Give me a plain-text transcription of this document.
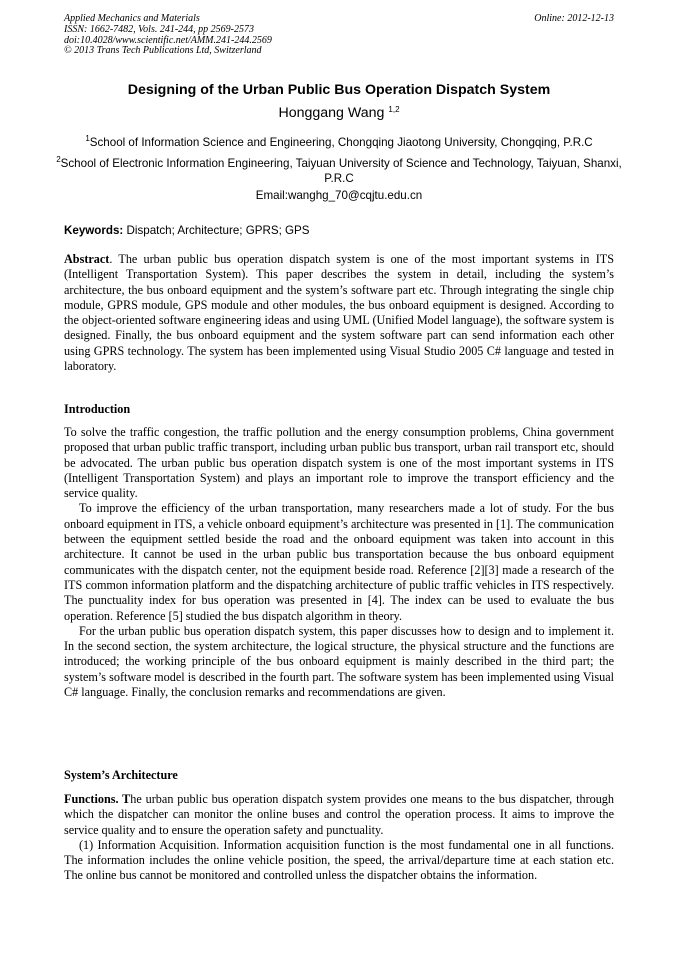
Applied Mechanics and Materials
ISSN: 1662-7482, Vols. 241-244, pp 2569-2573
doi:10.4028/www.scientific.net/AMM.241-244.2569
© 2013 Trans Tech Publications Ltd, Switzerland
Online: 2012-12-13
Designing of the Urban Public Bus Operation Dispatch System
Honggang Wang $^{1,2}$
$^1$School of Information Science and Engineering, Chongqing Jiaotong University, Chongqing, P.R.C
$^2$School of Electronic Information Engineering, Taiyuan University of Science and Technology, Taiyuan, Shanxi, P.R.C
Email:wanghg_70@cqjtu.edu.cn
Keywords: Dispatch; Architecture; GPRS; GPS

Abstract. The urban public bus operation dispatch system is one of the most important systems in ITS (Intelligent Transportation System). This paper describes the system in detail, including the system’s architecture, the bus onboard equipment and the system’s software part etc. Through integrating the single chip module, GPRS module, GPS module and other modules, the bus onboard equipment is designed. According to the object-oriented software engineering ideas and using UML (Unified Model language), the software system is designed. Finally, the bus onboard equipment and the system software part can send information each other using GPRS technology. The system has been implemented using Visual Studio 2005 C# language and tested in laboratory.

Introduction

To solve the traffic congestion, the traffic pollution and the energy consumption problems, China government proposed that urban public traffic transport, including urban public bus transport, urban rail transport etc, should be advocated. The urban public bus operation dispatch system is one of the most important systems in ITS (Intelligent Transportation System) and plays an important role to improve the transport efficiency and the service quality.

To improve the efficiency of the urban transportation, many researchers made a lot of study. For the bus onboard equipment in ITS, a vehicle onboard equipment’s architecture was presented in [1]. The communication between the equipment settled beside the road and the onboard equipment was taken into account in this architecture. It cannot be used in the urban public bus transportation because the bus onboard equipment communicates with the dispatch center, not the equipment beside road. Reference [2][3] made a research of the ITS common information platform and the dispatching architecture of public traffic vehicles in ITS respectively. The punctuality index for bus operation was presented in [4]. The index can be used to evaluate the bus operation. Reference [5] studied the bus dispatch algorithm in theory.

For the urban public bus operation dispatch system, this paper discusses how to design and to implement it. In the second section, the system architecture, the logical structure, the physical structure and the functions are introduced; the working principle of the bus onboard equipment is mainly described in the third part; the system’s software model is described in the fourth part. The software system has been implemented using Visual C# language. Finally, the conclusion remarks and recommendations are given.

System’s Architecture

Functions. The urban public bus operation dispatch system provides one means to the bus dispatcher, through which the dispatcher can monitor the online buses and control the operation process. It aims to improve the service quality and to ensure the operation safety and punctuality.

(1) Information Acquisition. Information acquisition function is the most fundamental one in all functions. The information includes the online vehicle position, the speed, the arrival/departure time at each station etc. The online bus cannot be monitored and controlled unless the dispatcher obtains the information.
